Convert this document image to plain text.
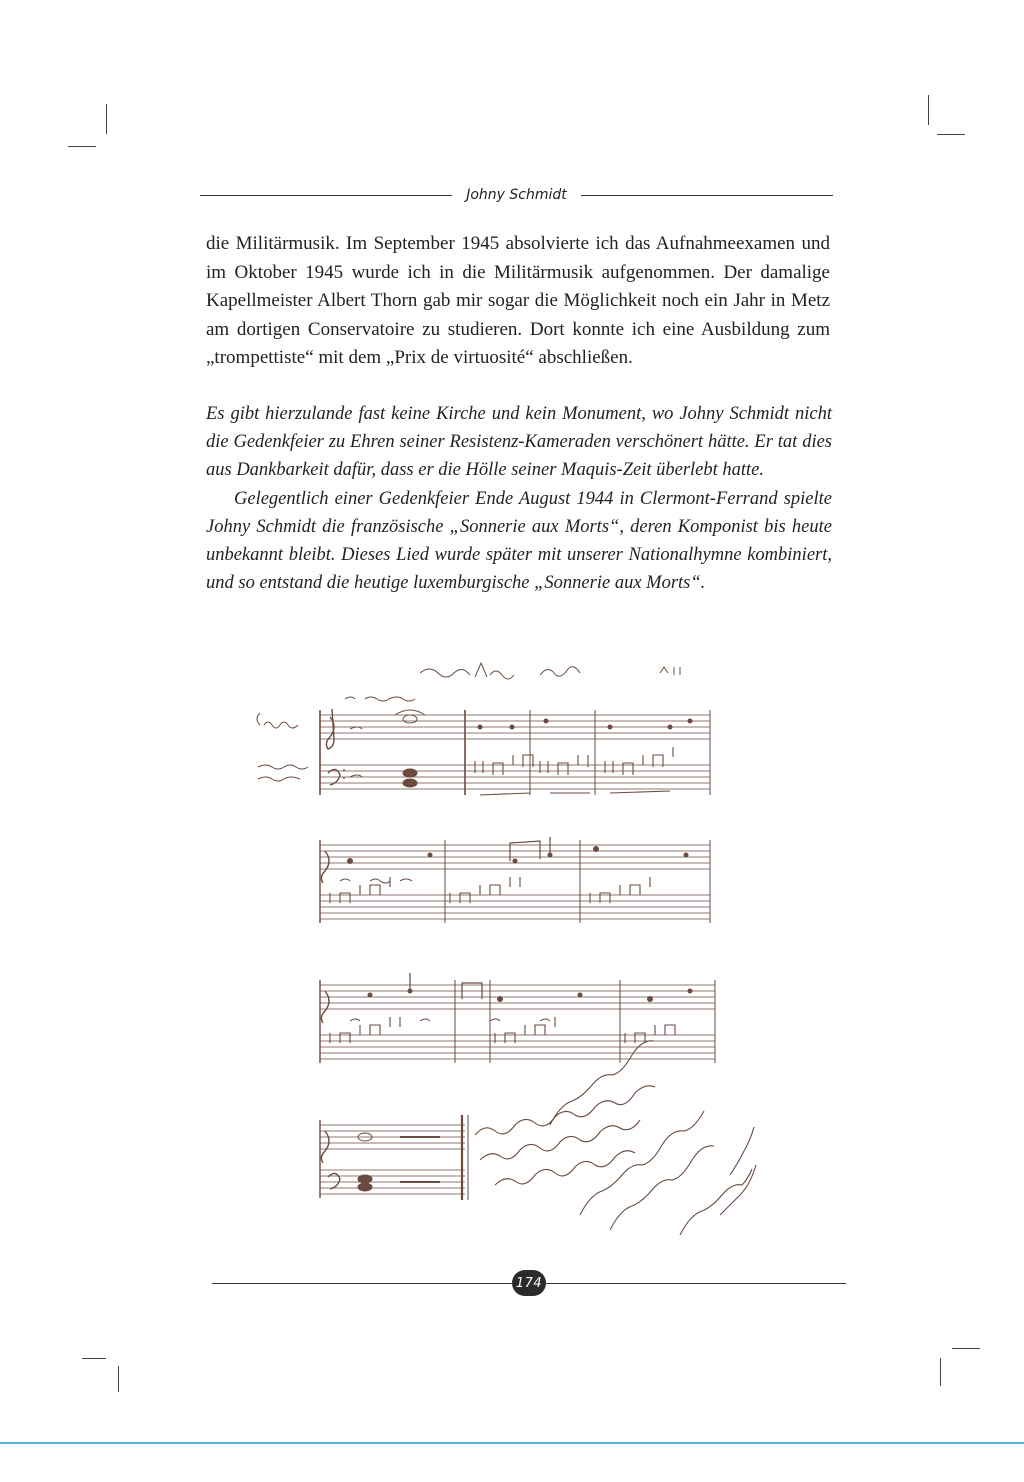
Johny Schmidt

die Militärmusik. Im September 1945 absolvierte ich das Aufnahmeexamen und im Oktober 1945 wurde ich in die Militärmusik aufgenommen. Der damalige Kapellmeister Albert Thorn gab mir sogar die Möglichkeit noch ein Jahr in Metz am dortigen Conservatoire zu studieren. Dort konnte ich eine Ausbildung zum „trompettiste“ mit dem „Prix de virtuosité“ abschließen.

Es gibt hierzulande fast keine Kirche und kein Monument, wo Johny Schmidt nicht die Gedenkfeier zu Ehren seiner Resistenz-Kameraden verschönert hätte. Er tat dies aus Dankbarkeit dafür, dass er die Hölle seiner Maquis-Zeit überlebt hatte.

Gelegentlich einer Gedenkfeier Ende August 1944 in Clermont-Ferrand spielte Johny Schmidt die französische „Sonnerie aux Morts“, deren Komponist bis heute unbekannt bleibt. Dieses Lied wurde später mit unserer Nationalhymne kombiniert, und so entstand die heutige luxemburgische „Sonnerie aux Morts“.

174
